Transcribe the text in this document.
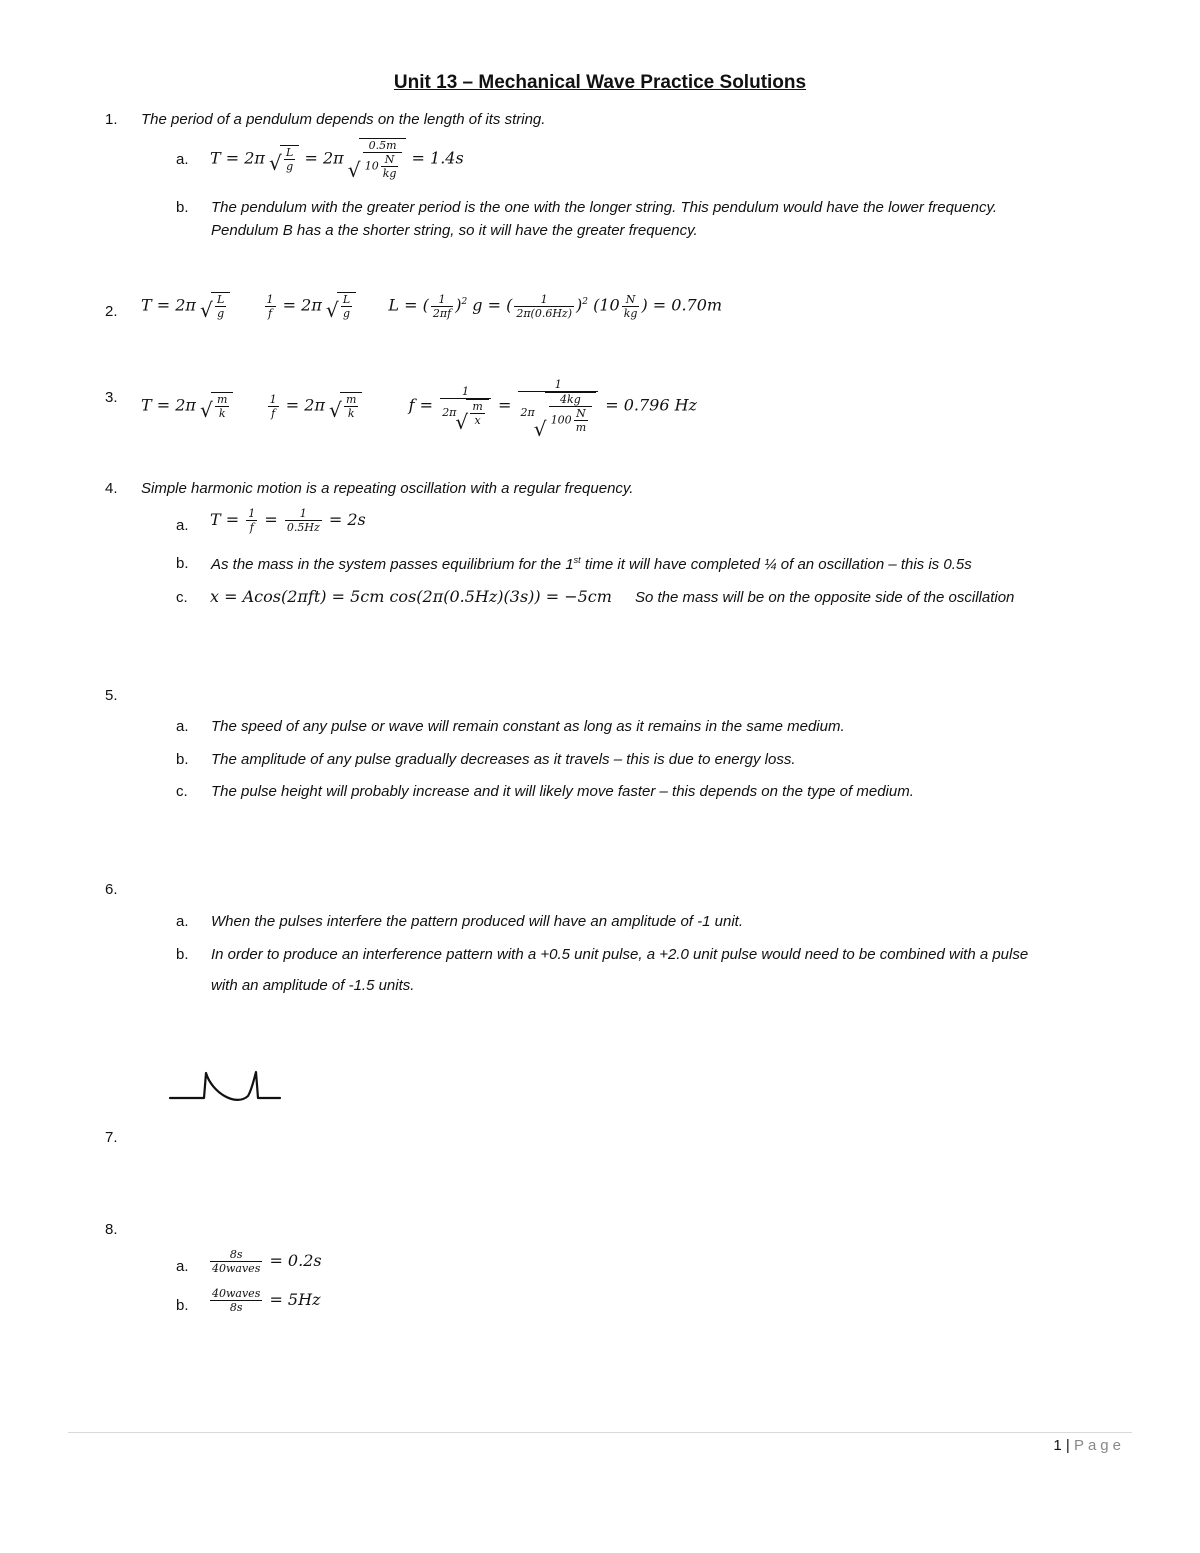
Unit 13 – Mechanical Wave Practice Solutions
1. The period of a pendulum depends on the length of its string.
a. T = 2π
√ $\frac{L}{g} = 2\pi$
√ $\frac{0.5m}{10 \frac{N}{kg}} = 1.4s$
b. The pendulum with the greater period is the one with the longer string. This pendulum would have the lower frequency.
Pendulum B has a the shorter string, so it will have the greater frequency.
2. T = 2π
√ $\frac{L}{g}$
	$\frac{1}{f} = 2\pi$
√ $\frac{L}{g}$ L = ( $\frac{1}{2\pi f} )^2$ g = ( $\frac{1}{2\pi(0.6Hz)} )^2$ ($10 \frac{N}{kg}$ ) = 0.70m
3. T = 2π
√ $\frac{m}{k}$
	$\frac{1}{f} = 2\pi$
√ $\frac{m}{k}$	f = 1
2π
√ $\frac{m}{x} = 1$
2π
√ $\frac{4kg}{100 \frac{N}{m}} = 0.796$ Hz
4. Simple harmonic motion is a repeating oscillation with a regular frequency.
a. $T = \frac{1}{f} = \frac{1}{0.5Hz} = 2s$
b. As the mass in the system passes equilibrium for the 1st time it will have completed ¼ of an oscillation – this is 0.5s
c. x = Acos(2πft) = 5cm cos(2π(0.5Hz)(3s)) = −5cm So the mass will be on the opposite side of the oscillation
5.
a. The speed of any pulse or wave will remain constant as long as it remains in the same medium.
b. The amplitude of any pulse gradually decreases as it travels – this is due to energy loss.
c. The pulse height will probably increase and it will likely move faster – this depends on the type of medium.
6.
a. When the pulses interfere the pattern produced will have an amplitude of -1 unit.
b. In order to produce an interference pattern with a +0.5 unit pulse, a +2.0 unit pulse would need to be combined with a pulse
with an amplitude of -1.5 units.
7.
8.
a. $\frac{8s}{\text{40waves}} = 0.2s$
b. $\frac{\text{40waves}}{8s} = 5Hz$
1 | Page
